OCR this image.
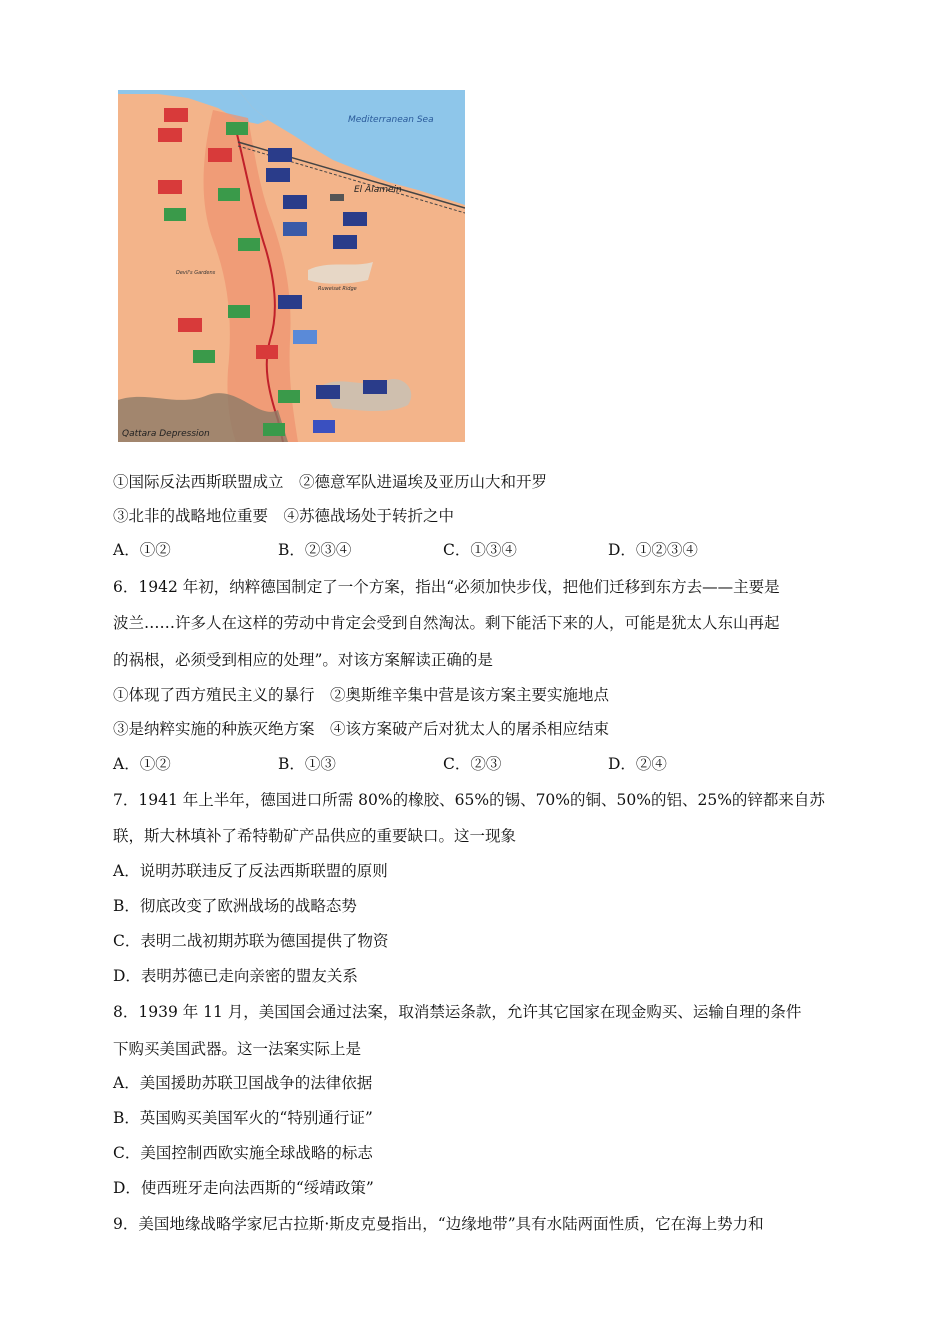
Mediterranean Sea
El Alamein
Qattara Depression
Ruweisat Ridge
Devil's Gardens
①国际反法西斯联盟成立　②德意军队进逼埃及亚历山大和开罗
③北非的战略地位重要　④苏德战场处于转折之中
A．①②	B．②③④	C．①③④	D．①②③④
6．1942 年初，纳粹德国制定了一个方案，指出“必须加快步伐，把他们迁移到东方去——主要是
波兰……许多人在这样的劳动中肯定会受到自然淘汰。剩下能活下来的人，可能是犹太人东山再起
的祸根，必须受到相应的处理”。对该方案解读正确的是
①体现了西方殖民主义的暴行　②奥斯维辛集中营是该方案主要实施地点
③是纳粹实施的种族灭绝方案　④该方案破产后对犹太人的屠杀相应结束
A．①②	B．①③	C．②③	D．②④
7．1941 年上半年，德国进口所需 80%的橡胶、65%的锡、70%的铜、50%的铝、25%的锌都来自苏
联，斯大林填补了希特勒矿产品供应的重要缺口。这一现象
A．说明苏联违反了反法西斯联盟的原则
B．彻底改变了欧洲战场的战略态势
C．表明二战初期苏联为德国提供了物资
D．表明苏德已走向亲密的盟友关系
8．1939 年 11 月，美国国会通过法案，取消禁运条款，允许其它国家在现金购买、运输自理的条件
下购买美国武器。这一法案实际上是
A．美国援助苏联卫国战争的法律依据
B．英国购买美国军火的“特别通行证”
C．美国控制西欧实施全球战略的标志
D．使西班牙走向法西斯的“绥靖政策”
9．美国地缘战略学家尼古拉斯·斯皮克曼指出，“边缘地带”具有水陆两面性质，它在海上势力和
